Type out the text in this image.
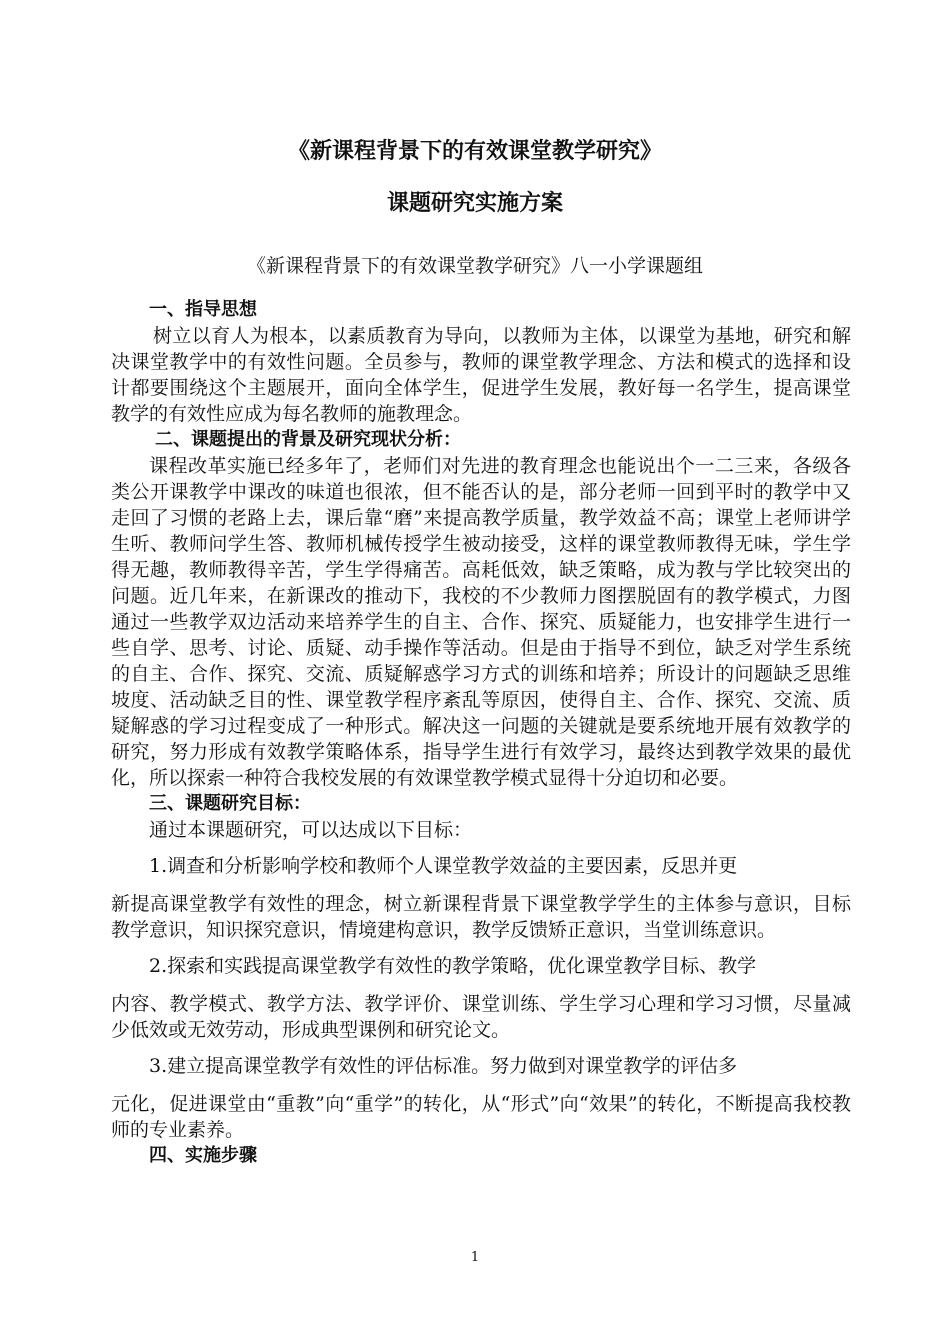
《新课程背景下的有效课堂教学研究》
课题研究实施方案

《新课程背景下的有效课堂教学研究》八一小学课题组

一、指导思想

树立以育人为根本，以素质教育为导向，以教师为主体，以课堂为基地，研究和解决课堂教学中的有效性问题。全员参与，教师的课堂教学理念、方法和模式的选择和设计都要围绕这个主题展开，面向全体学生，促进学生发展，教好每一名学生，提高课堂教学的有效性应成为每名教师的施教理念。

二、课题提出的背景及研究现状分析：

课程改革实施已经多年了，老师们对先进的教育理念也能说出个一二三来，各级各类公开课教学中课改的味道也很浓，但不能否认的是，部分老师一回到平时的教学中又走回了习惯的老路上去，课后靠“磨”来提高教学质量，教学效益不高；课堂上老师讲学生听、教师问学生答、教师机械传授学生被动接受，这样的课堂教师教得无味，学生学得无趣，教师教得辛苦，学生学得痛苦。高耗低效，缺乏策略，成为教与学比较突出的问题。近几年来，在新课改的推动下，我校的不少教师力图摆脱固有的教学模式，力图通过一些教学双边活动来培养学生的自主、合作、探究、质疑能力，也安排学生进行一些自学、思考、讨论、质疑、动手操作等活动。但是由于指导不到位，缺乏对学生系统的自主、合作、探究、交流、质疑解惑学习方式的训练和培养；所设计的问题缺乏思维坡度、活动缺乏目的性、课堂教学程序紊乱等原因，使得自主、合作、探究、交流、质疑解惑的学习过程变成了一种形式。解决这一问题的关键就是要系统地开展有效教学的研究，努力形成有效教学策略体系，指导学生进行有效学习，最终达到教学效果的最优化，所以探索一种符合我校发展的有效课堂教学模式显得十分迫切和必要。

三、课题研究目标：

通过本课题研究，可以达成以下目标：

1.调查和分析影响学校和教师个人课堂教学效益的主要因素，反思并更

新提高课堂教学有效性的理念，树立新课程背景下课堂教学学生的主体参与意识，目标教学意识，知识探究意识，情境建构意识，教学反馈矫正意识，当堂训练意识。

2.探索和实践提高课堂教学有效性的教学策略，优化课堂教学目标、教学

内容、教学模式、教学方法、教学评价、课堂训练、学生学习心理和学习习惯，尽量减少低效或无效劳动，形成典型课例和研究论文。

3.建立提高课堂教学有效性的评估标准。努力做到对课堂教学的评估多

元化，促进课堂由“重教”向“重学”的转化，从“形式”向“效果”的转化，不断提高我校教师的专业素养。

四、实施步骤

1
